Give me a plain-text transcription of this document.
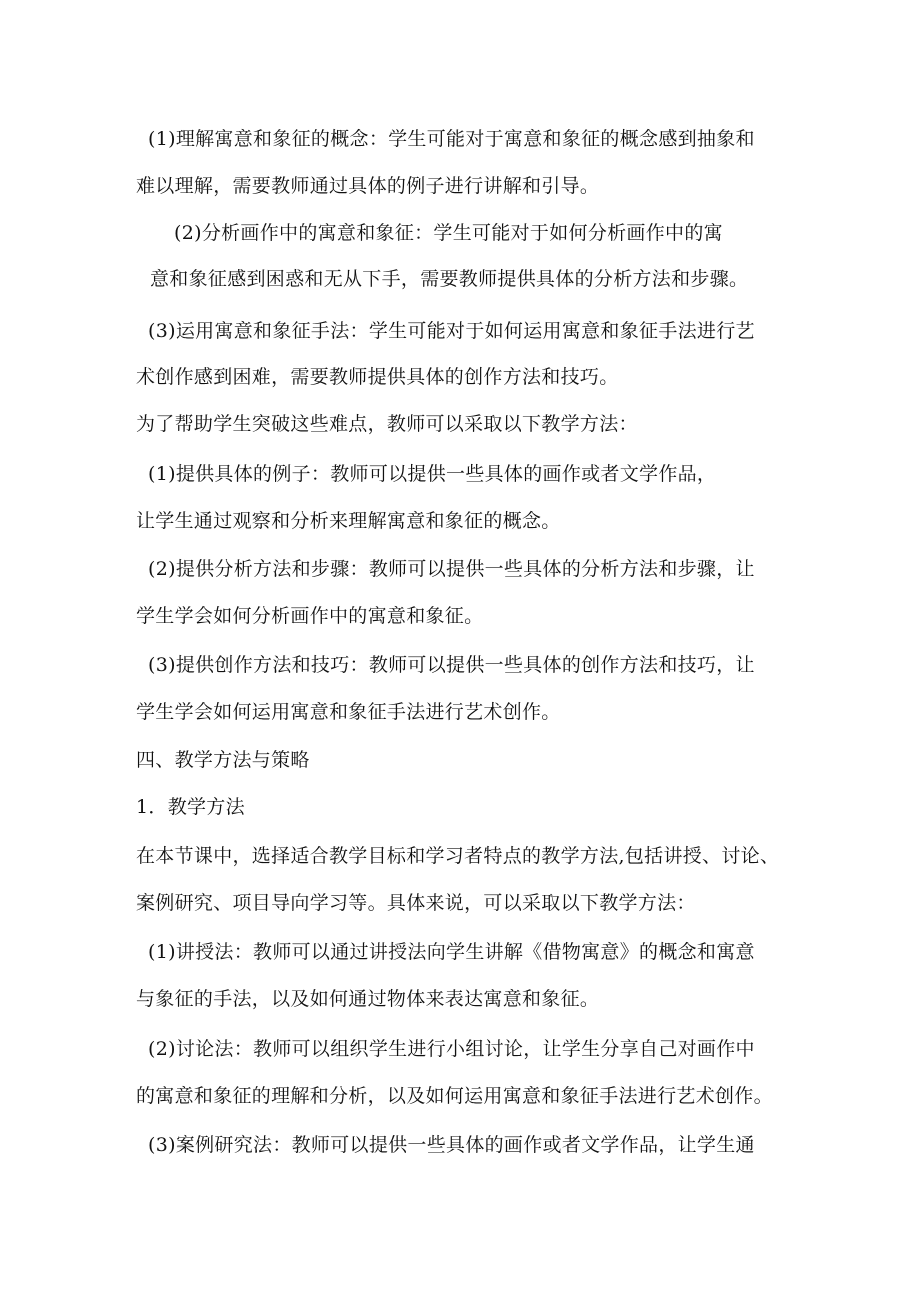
(1)理解寓意和象征的概念：学生可能对于寓意和象征的概念感到抽象和
难以理解，需要教师通过具体的例子进行讲解和引导。
(2)分析画作中的寓意和象征：学生可能对于如何分析画作中的寓
意和象征感到困惑和无从下手，需要教师提供具体的分析方法和步骤。
(3)运用寓意和象征手法：学生可能对于如何运用寓意和象征手法进行艺
术创作感到困难，需要教师提供具体的创作方法和技巧。
为了帮助学生突破这些难点，教师可以采取以下教学方法：
(1)提供具体的例子：教师可以提供一些具体的画作或者文学作品，
让学生通过观察和分析来理解寓意和象征的概念。
(2)提供分析方法和步骤：教师可以提供一些具体的分析方法和步骤，让
学生学会如何分析画作中的寓意和象征。
(3)提供创作方法和技巧：教师可以提供一些具体的创作方法和技巧，让
学生学会如何运用寓意和象征手法进行艺术创作。
四、教学方法与策略
1．教学方法
在本节课中，选择适合教学目标和学习者特点的教学方法,包括讲授、讨论、
案例研究、项目导向学习等。具体来说，可以采取以下教学方法：
(1)讲授法：教师可以通过讲授法向学生讲解《借物寓意》的概念和寓意
与象征的手法，以及如何通过物体来表达寓意和象征。
(2)讨论法：教师可以组织学生进行小组讨论，让学生分享自己对画作中
的寓意和象征的理解和分析，以及如何运用寓意和象征手法进行艺术创作。
(3)案例研究法：教师可以提供一些具体的画作或者文学作品，让学生通
